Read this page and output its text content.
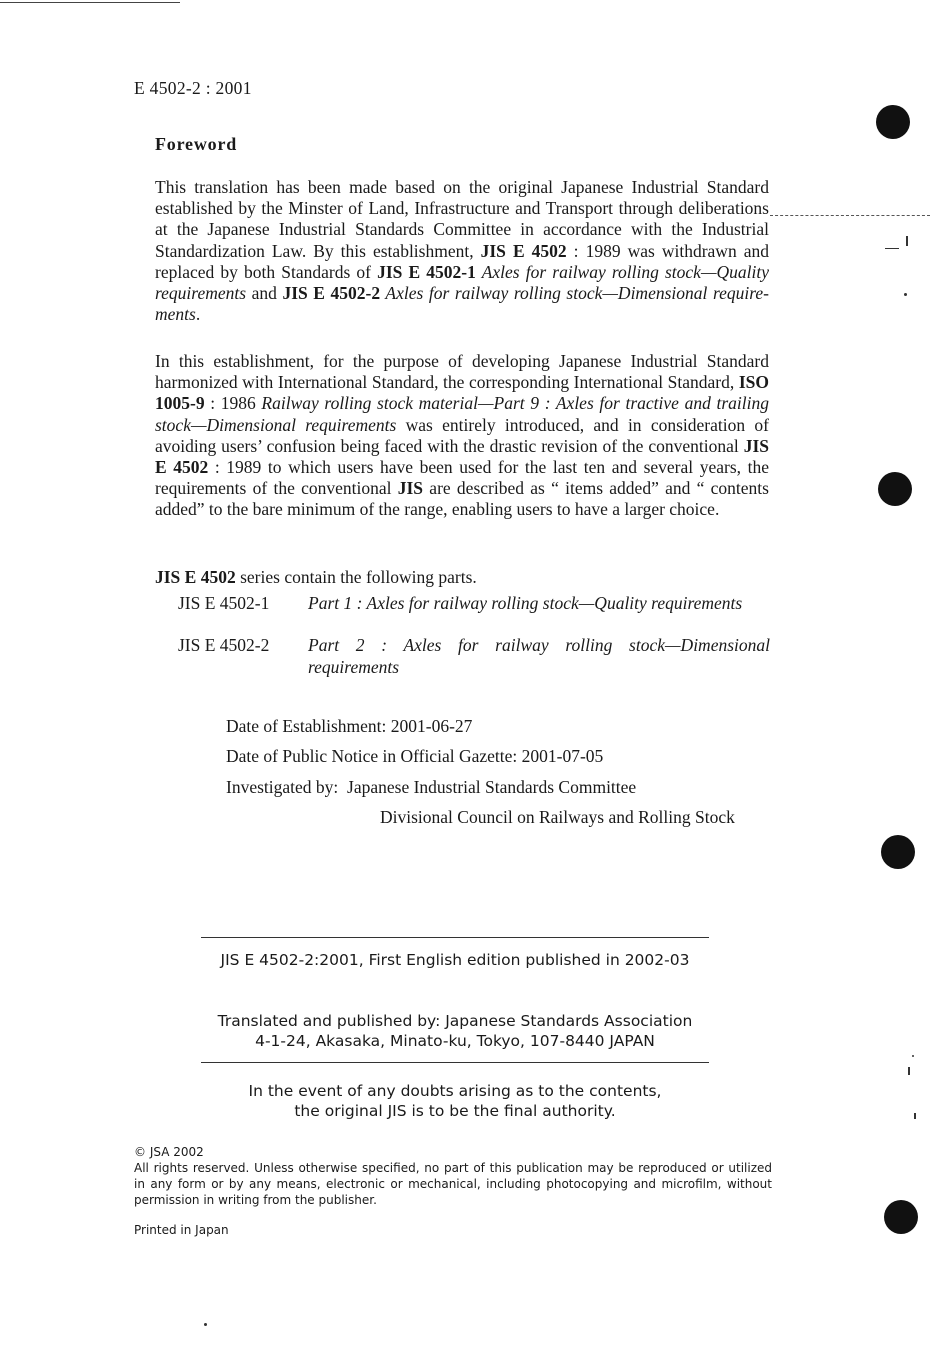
E 4502-2 : 2001
Foreword
This translation has been made based on the original Japanese Industrial Standard established by the Minster of Land, Infrastructure and Transport through deliberations at the Japanese Industrial Standards Committee in accordance with the Industrial Standardization Law. By this establishment, JIS E 4502 : 1989 was withdrawn and replaced by both Standards of JIS E 4502-1 Axles for railway rolling stock—Quality requirements and JIS E 4502-2 Axles for railway rolling stock—Dimensional requirements.
In this establishment, for the purpose of developing Japanese Industrial Standard harmonized with International Standard, the corresponding International Standard, ISO 1005-9 : 1986 Railway rolling stock material—Part 9 : Axles for tractive and trailing stock—Dimensional requirements was entirely introduced, and in consideration of avoiding users’ confusion being faced with the drastic revision of the conventional JIS E 4502 : 1989 to which users have been used for the last ten and several years, the requirements of the conventional JIS are described as “ items added” and “ contents added” to the bare minimum of the range, enabling users to have a larger choice.
JIS E 4502 series contain the following parts.
JIS E 4502-1	Part 1 : Axles for railway rolling stock—Quality requirements
JIS E 4502-2	Part 2 : Axles for railway rolling stock—Dimensional requirements
Date of Establishment: 2001-06-27
Date of Public Notice in Official Gazette: 2001-07-05
Investigated by: Japanese Industrial Standards Committee
Divisional Council on Railways and Rolling Stock
JIS E 4502-2:2001, First English edition published in 2002-03
Translated and published by: Japanese Standards Association
4-1-24, Akasaka, Minato-ku, Tokyo, 107-8440 JAPAN
In the event of any doubts arising as to the contents,
the original JIS is to be the final authority.
© JSA 2002
All rights reserved. Unless otherwise specified, no part of this publication may be reproduced or utilized in any form or by any means, electronic or mechanical, including photocopying and microfilm, without permission in writing from the publisher.
Printed in Japan
